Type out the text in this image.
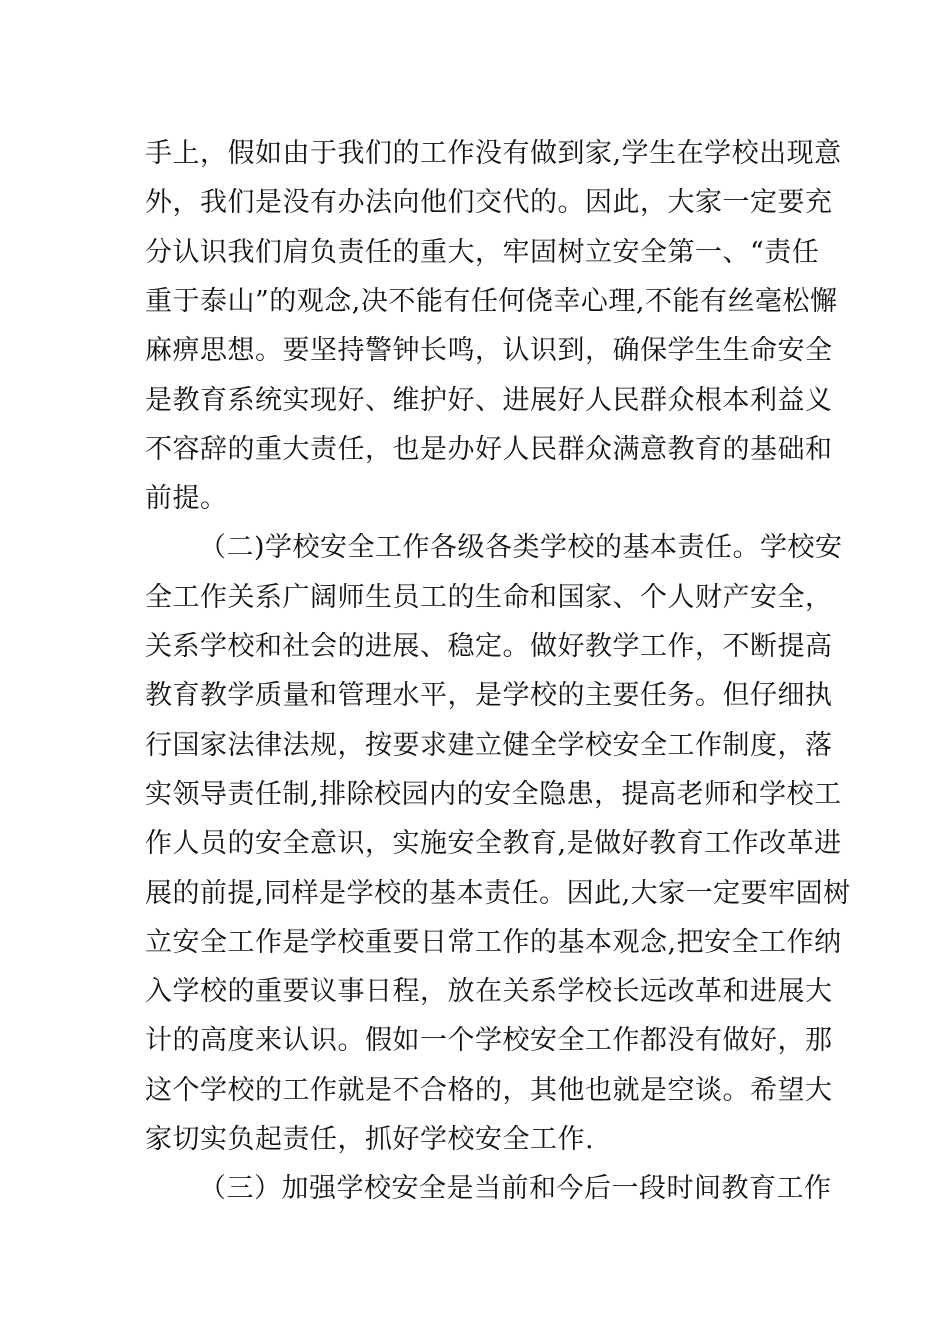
手上，假如由于我们的工作没有做到家,学生在学校出现意
外，我们是没有办法向他们交代的。因此，大家一定要充
分认识我们肩负责任的重大，牢固树立安全第一、“责任
重于泰山”的观念,决不能有任何侥幸心理,不能有丝毫松懈
麻痹思想。要坚持警钟长鸣，认识到，确保学生生命安全
是教育系统实现好、维护好、进展好人民群众根本利益义
不容辞的重大责任，也是办好人民群众满意教育的基础和
前提。
（二)学校安全工作各级各类学校的基本责任。学校安
全工作关系广阔师生员工的生命和国家、个人财产安全，
关系学校和社会的进展、稳定。做好教学工作，不断提高
教育教学质量和管理水平，是学校的主要任务。但仔细执
行国家法律法规，按要求建立健全学校安全工作制度，落
实领导责任制,排除校园内的安全隐患，提高老师和学校工
作人员的安全意识，实施安全教育,是做好教育工作改革进
展的前提,同样是学校的基本责任。因此,大家一定要牢固树
立安全工作是学校重要日常工作的基本观念,把安全工作纳
入学校的重要议事日程，放在关系学校长远改革和进展大
计的高度来认识。假如一个学校安全工作都没有做好，那
这个学校的工作就是不合格的，其他也就是空谈。希望大
家切实负起责任，抓好学校安全工作.
（三）加强学校安全是当前和今后一段时间教育工作
